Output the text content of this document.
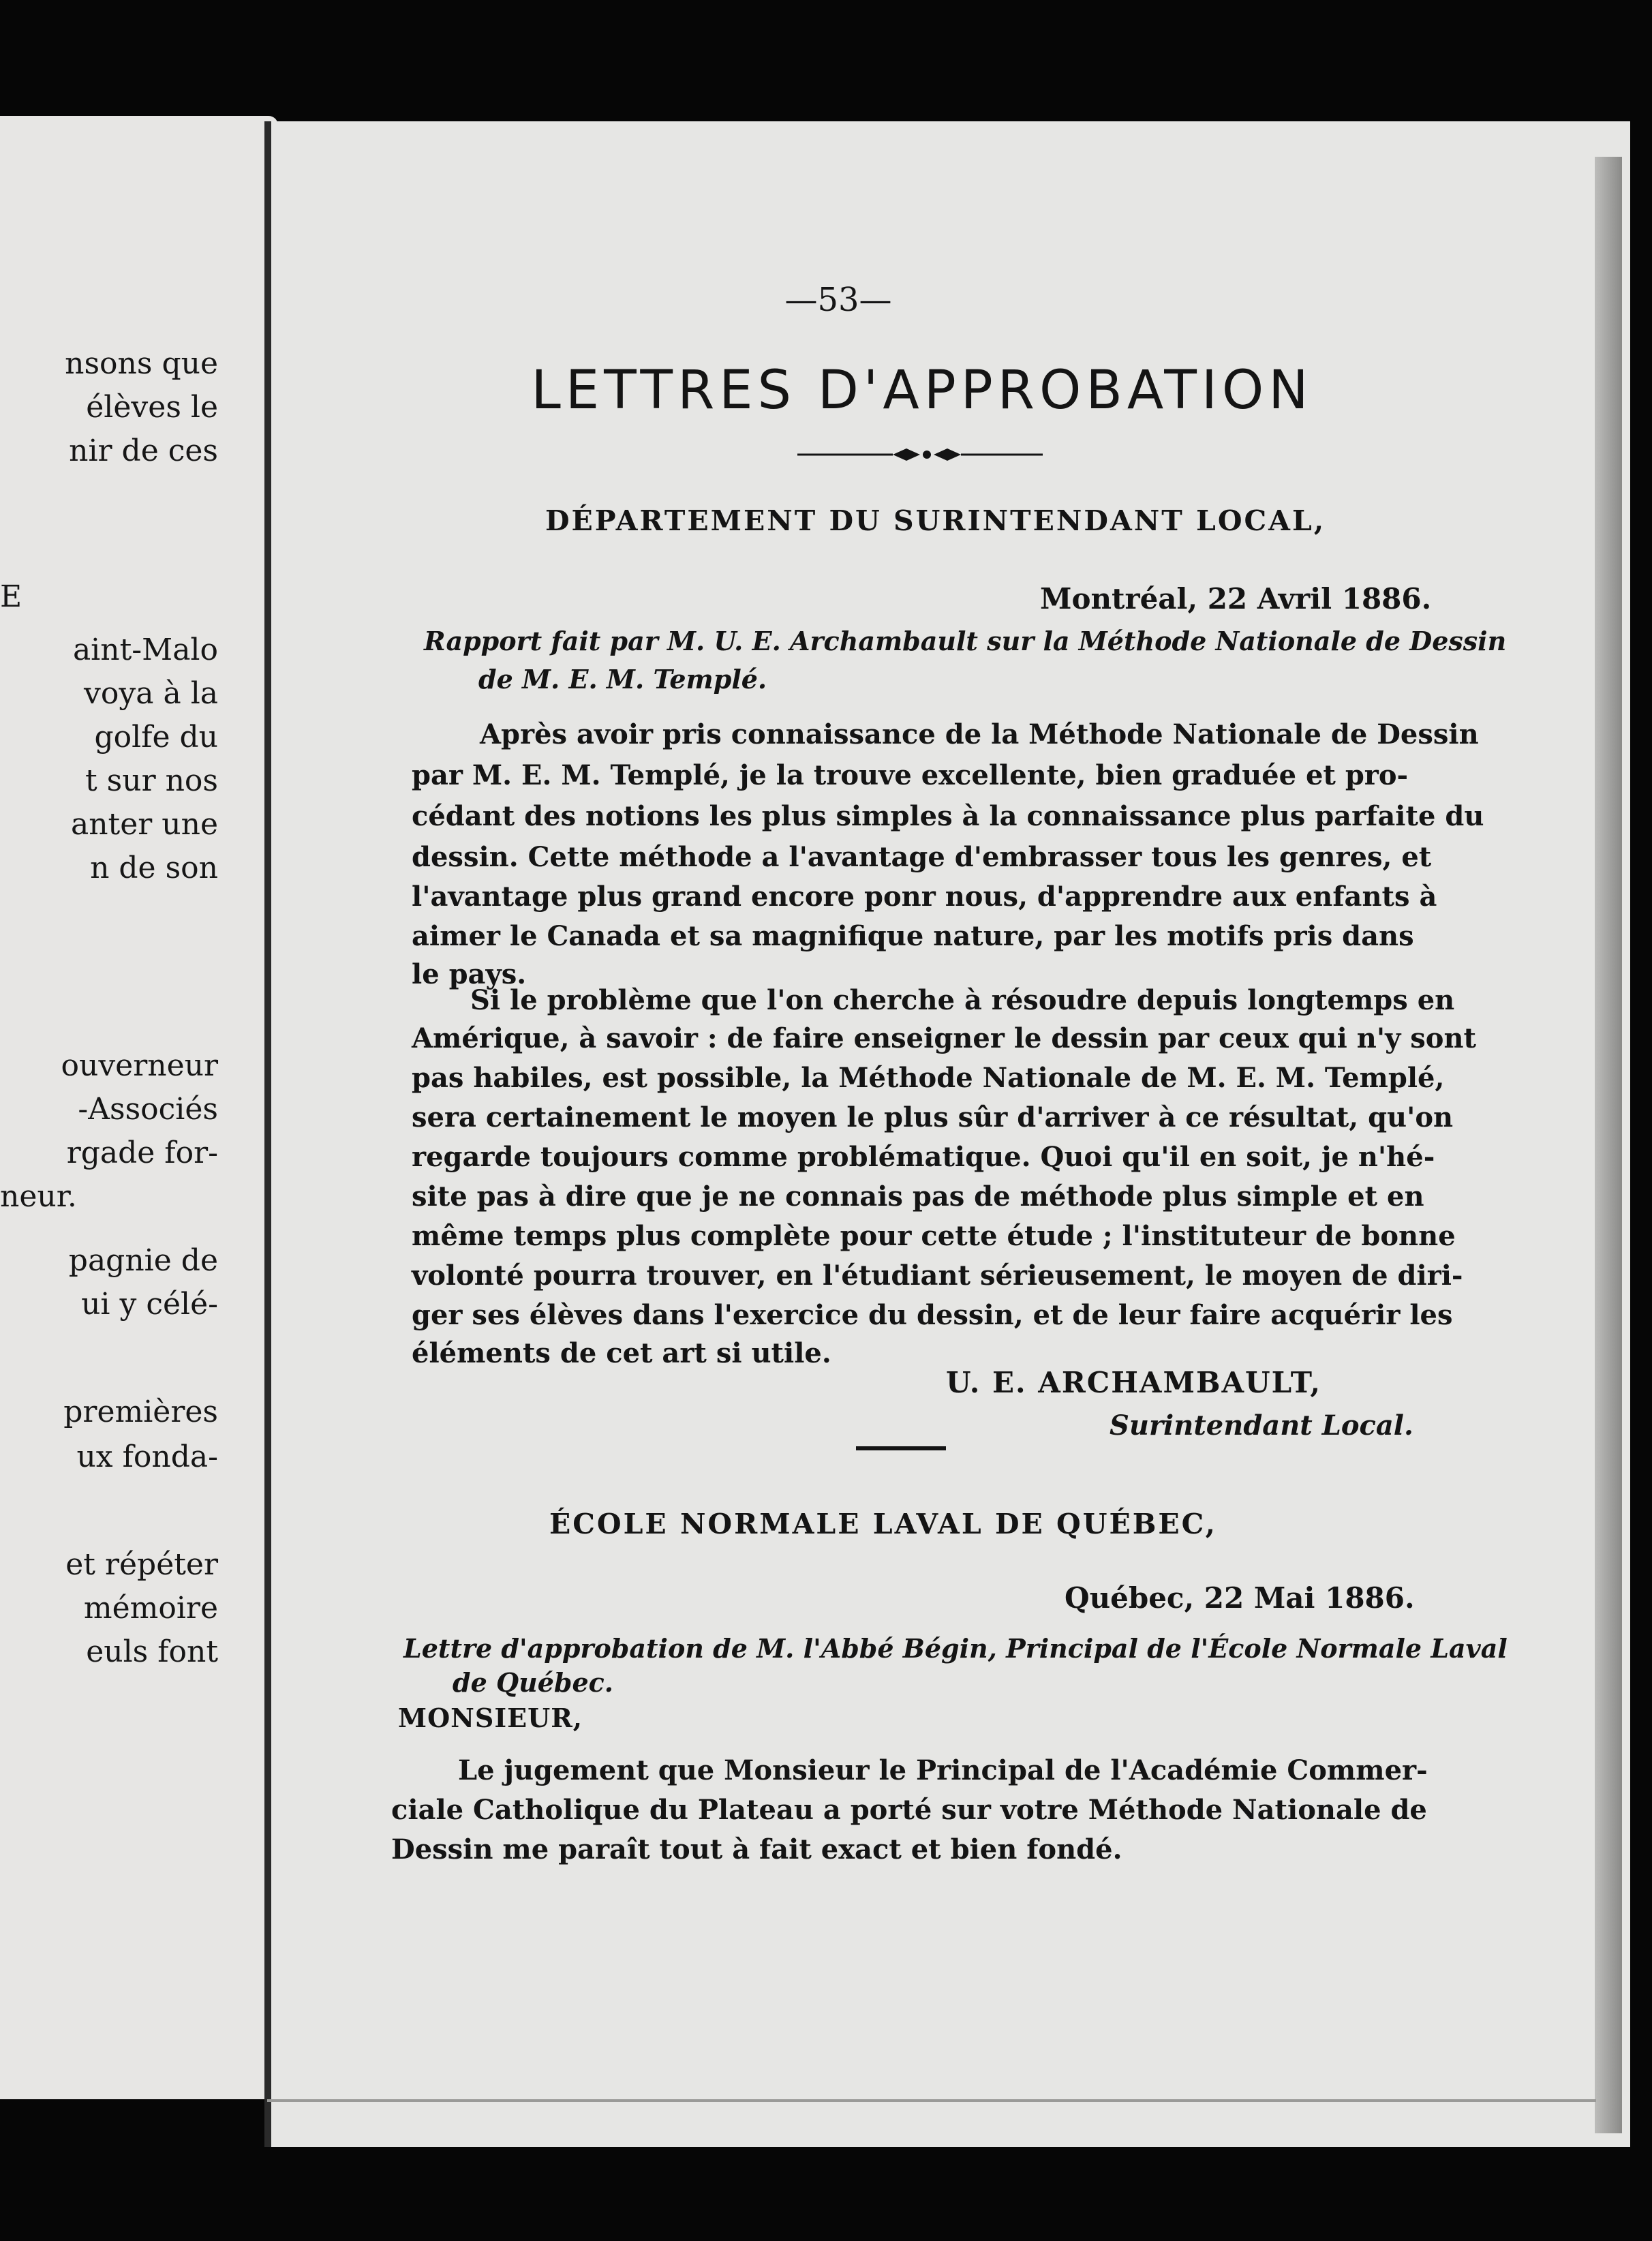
nsons que
élèves le
nir de ces
E
aint-Malo
voya à la
golfe du
t sur nos
anter une
n de son
ouverneur
-Associés
rgade for-
neur.
pagnie de
ui y célé-
premières
ux fonda-
et répéter
mémoire
euls font
—53—
LETTRES D'APPROBATION
DÉPARTEMENT DU SURINTENDANT LOCAL,
Montréal, 22 Avril 1886.
Rapport fait par M. U. E. Archambault sur la Méthode Nationale de Dessin
de M. E. M. Templé.
Après avoir pris connaissance de la Méthode Nationale de Dessin
par M. E. M. Templé, je la trouve excellente, bien graduée et pro-
cédant des notions les plus simples à la connaissance plus parfaite du
dessin. Cette méthode a l'avantage d'embrasser tous les genres, et
l'avantage plus grand encore ponr nous, d'apprendre aux enfants à
aimer le Canada et sa magnifique nature, par les motifs pris dans
le pays.
Si le problème que l'on cherche à résoudre depuis longtemps en
Amérique, à savoir : de faire enseigner le dessin par ceux qui n'y sont
pas habiles, est possible, la Méthode Nationale de M. E. M. Templé,
sera certainement le moyen le plus sûr d'arriver à ce résultat, qu'on
regarde toujours comme problématique. Quoi qu'il en soit, je n'hé-
site pas à dire que je ne connais pas de méthode plus simple et en
même temps plus complète pour cette étude ; l'instituteur de bonne
volonté pourra trouver, en l'étudiant sérieusement, le moyen de diri-
ger ses élèves dans l'exercice du dessin, et de leur faire acquérir les
éléments de cet art si utile.
U. E. ARCHAMBAULT,
Surintendant Local.
ÉCOLE NORMALE LAVAL DE QUÉBEC,
Québec, 22 Mai 1886.
Lettre d'approbation de M. l'Abbé Bégin, Principal de l'École Normale Laval
de Québec.
MONSIEUR,
Le jugement que Monsieur le Principal de l'Académie Commer-
ciale Catholique du Plateau a porté sur votre Méthode Nationale de
Dessin me paraît tout à fait exact et bien fondé.
